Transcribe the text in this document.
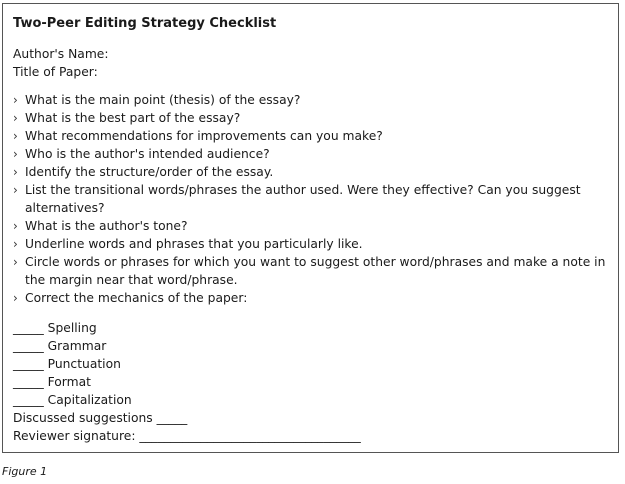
Two-Peer Editing Strategy Checklist
Author's Name:
Title of Paper:
› What is the main point (thesis) of the essay?
› What is the best part of the essay?
› What recommendations for improvements can you make?
› Who is the author's intended audience?
› Identify the structure/order of the essay.
› List the transitional words/phrases the author used. Were they effective? Can you suggest alternatives?
› What is the author's tone?
› Underline words and phrases that you particularly like.
› Circle words or phrases for which you want to suggest other word/phrases and make a note in the margin near that word/phrase.
› Correct the mechanics of the paper:
_____ Spelling
_____ Grammar
_____ Punctuation
_____ Format
_____ Capitalization
Discussed suggestions _____
Reviewer signature: ____________________________________
Figure 1
